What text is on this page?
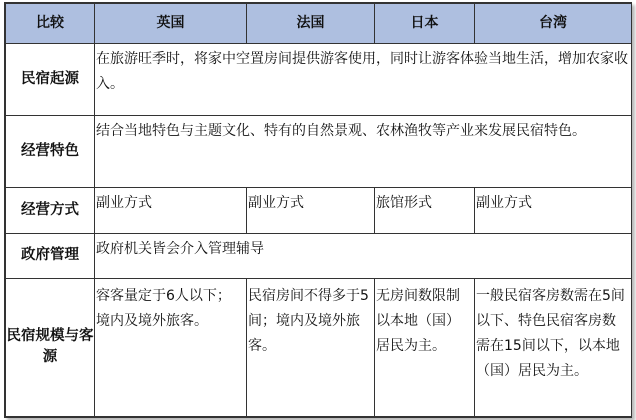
比较	英国	法国	日本	台湾
民宿起源	在旅游旺季时，将家中空置房间提供游客使用，同时让游客体验当地生活，增加农家收入。			
经营特色	结合当地特色与主题文化、特有的自然景观、农林渔牧等产业来发展民宿特色。			
经营方式	副业方式	副业方式	旅馆形式	副业方式
政府管理	政府机关皆会介入管理辅导			
民宿规模与客源	容客量定于6人以下；境内及境外旅客。	民宿房间不得多于5间；境内及境外旅客。	无房间数限制以本地（国）居民为主。	一般民宿客房数需在5间以下、特色民宿客房数需在15间以下，以本地（国）居民为主。
